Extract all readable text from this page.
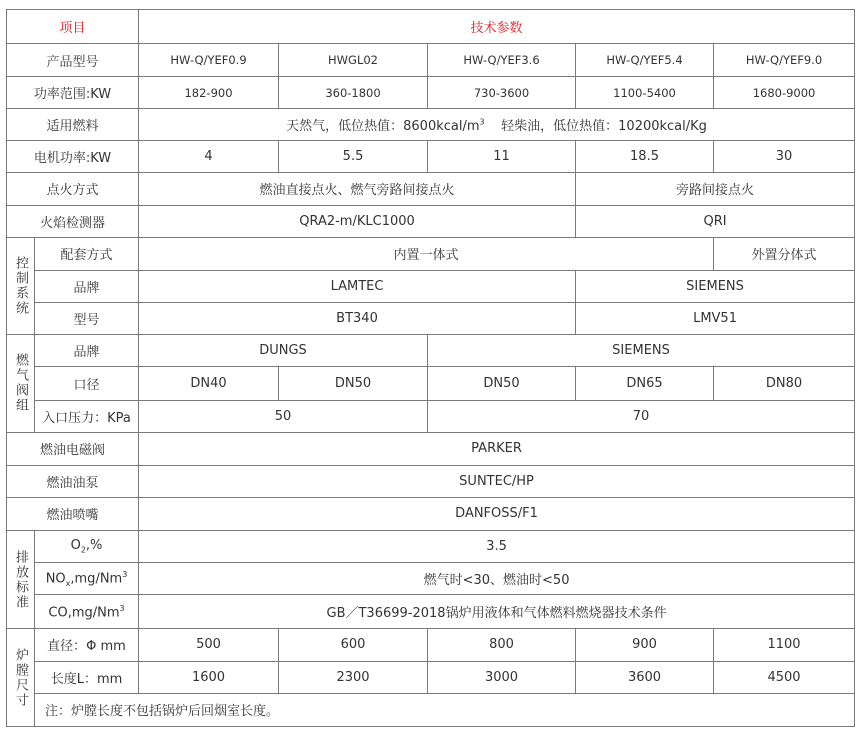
项目		技术参数				
产品型号		HW-Q/YEF0.9	HWGL02	HW-Q/YEF3.6	HW-Q/YEF5.4	HW-Q/YEF9.0
功率范围:KW		182-900	360-1800	730-3600	1100-5400	1680-9000
适用燃料		天然气，低位热值：$8600kcal/m^3$ 轻柴油，低位热值：10200kcal/Kg				
电机功率:KW		4	5.5	11	18.5	30
点火方式		燃油直接点火、燃气旁路间接点火			旁路间接点火	
火焰检测器		QRA2-m/KLC1000			QRI	
控制系统	配套方式	内置一体式				外置分体式
	品牌	LAMTEC			SIEMENS	
	型号	BT340			LMV51	
燃气阀组	品牌	DUNGS		SIEMENS		
	口径	DN40	DN50	DN50	DN65	DN80
	入口压力：KPa	50		70		
燃油电磁阀		PARKER				
燃油油泵		SUNTEC/HP				
燃油喷嘴		DANFOSS/F1				
排放标准	$O_2,\%$	3.5				
	$NO_x,mg/Nm^3$	燃气时<30、燃油时<50				
	CO,mg/Nm$^3$	GB／T36699-2018锅炉用液体和气体燃料燃烧器技术条件				
炉膛尺寸	直径：Φ mm	500	600	800	900	1100
	长度L：mm	1600	2300	3000	3600	4500
	注：炉膛长度不包括锅炉后回烟室长度。					
